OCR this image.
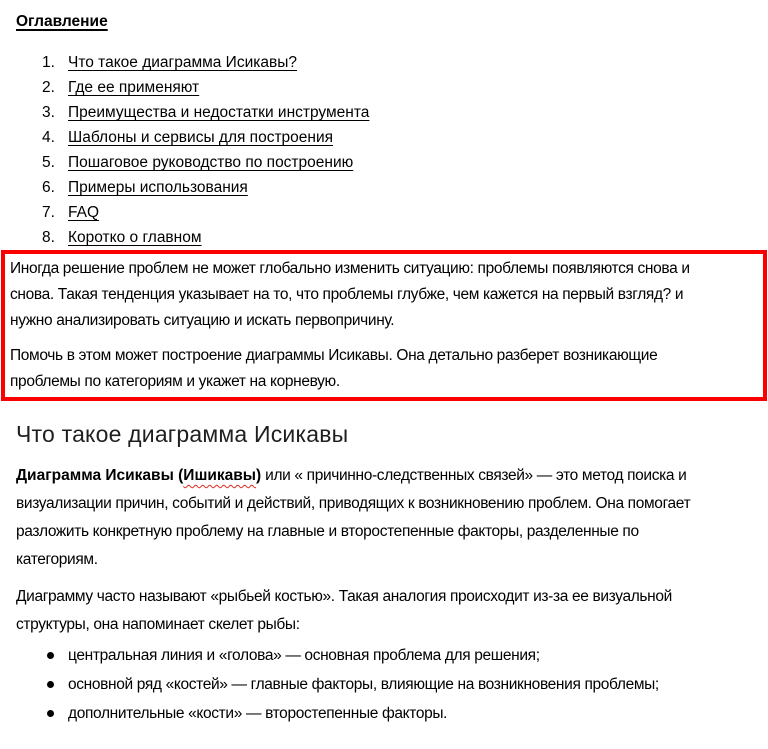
Оглавление
1. Что такое диаграмма Исикавы?
2. Где ее применяют
3. Преимущества и недостатки инструмента
4. Шаблоны и сервисы для построения
5. Пошаговое руководство по построению
6. Примеры использования
7. FAQ
8. Коротко о главном
Иногда решение проблем не может глобально изменить ситуацию: проблемы появляются снова и
снова. Такая тенденция указывает на то, что проблемы глубже, чем кажется на первый взгляд? и
нужно анализировать ситуацию и искать первопричину.
Помочь в этом может построение диаграммы Исикавы. Она детально разберет возникающие
проблемы по категориям и укажет на корневую.
Что такое диаграмма Исикавы
Диаграмма Исикавы (Ишикавы) или « причинно-следственных связей» — это метод поиска и
визуализации причин, событий и действий, приводящих к возникновению проблем. Она помогает
разложить конкретную проблему на главные и второстепенные факторы, разделенные по
категориям.
Диаграмму часто называют «рыбьей костью». Такая аналогия происходит из-за ее визуальной
структуры, она напоминает скелет рыбы:
центральная линия и «голова» — основная проблема для решения;
основной ряд «костей» — главные факторы, влияющие на возникновения проблемы;
дополнительные «кости» — второстепенные факторы.
